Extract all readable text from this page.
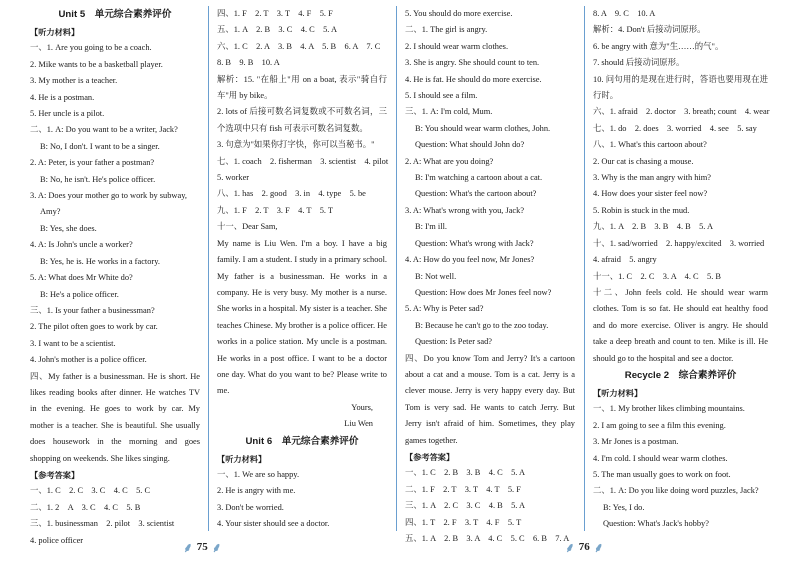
Unit 5　单元综合素养评价
【听力材料】
一、1. Are you going to be a coach.
2. Mike wants to be a basketball player.
3. My mother is a teacher.
4. He is a postman.
5. Her uncle is a pilot.
二、1. A: Do you want to be a writer, Jack?
B: No, I don't. I want to be a singer.
2. A: Peter, is your father a postman?
B: No, he isn't. He's police officer.
3. A: Does your mother go to work by subway,
Amy?
B: Yes, she does.
4. A: Is John's uncle a worker?
B: Yes, he is. He works in a factory.
5. A: What does Mr White do?
B: He's a police officer.
三、1. Is your father a businessman?
2. The pilot often goes to work by car.
3. I want to be a scientist.
4. John's mother is a police officer.
四、My father is a businessman. He is short. He likes reading books after dinner. He watches TV in the evening. He goes to work by car. My mother is a teacher. She is beautiful. She usually does housework in the morning and goes shopping on weekends. She likes singing.
【参考答案】
一、1. C　2. C　3. C　4. C　5. C
二、1. 2　A　3. C　4. C　5. B
三、1. businessman　2. pilot　3. scientist
4. police officer
四、1. F　2. T　3. T　4. F　5. F
五、1. A　2. B　3. C　4. C　5. A
六、1. C　2. A　3. B　4. A　5. B　6. A　7. C
8. B　9. B　10. A
解析：15. "在船上"用 on a boat, 表示"骑自行车"用 by bike。
2. lots of 后接可数名词复数或不可数名词，三个选项中只有 fish 可表示可数名词复数。
3. 句意为"如果你打字快，你可以当秘书。"
七、1. coach　2. fisherman　3. scientist　4. pilot
5. worker
八、1. has　2. good　3. in　4. type　5. be
九、1. F　2. T　3. F　4. T　5. T
十一、Dear Sam,
My name is Liu Wen. I'm a boy. I have a big family. I am a student. I study in a primary school. My father is a businessman. He works in a company. He is very busy. My mother is a nurse. She works in a hospital. My sister is a teacher. She teaches Chinese. My brother is a police officer. He works in a police station. My uncle is a postman. He works in a post office. I want to be a doctor one day. What do you want to be? Please write to me.
Yours,
Liu Wen
Unit 6　单元综合素养评价
【听力材料】
一、1. We are so happy.
2. He is angry with me.
3. Don't be worried.
4. Your sister should see a doctor.
5. You should do more exercise.
二、1. The girl is angry.
2. I should wear warm clothes.
3. She is angry. She should count to ten.
4. He is fat. He should do more exercise.
5. I should see a film.
三、1. A: I'm cold, Mum.
B: You should wear warm clothes, John.
Question: What should John do?
2. A: What are you doing?
B: I'm watching a cartoon about a cat.
Question: What's the cartoon about?
3. A: What's wrong with you, Jack?
B: I'm ill.
Question: What's wrong with Jack?
4. A: How do you feel now, Mr Jones?
B: Not well.
Question: How does Mr Jones feel now?
5. A: Why is Peter sad?
B: Because he can't go to the zoo today.
Question: Is Peter sad?
四、Do you know Tom and Jerry? It's a cartoon about a cat and a mouse. Tom is a cat. Jerry is a clever mouse. Jerry is very happy every day. But Tom is very sad. He wants to catch Jerry. But Jerry isn't afraid of him. Sometimes, they play games together.
【参考答案】
一、1. C　2. B　3. B　4. C　5. A
二、1. F　2. T　3. T　4. T　5. F
三、1. A　2. C　3. C　4. B　5. A
四、1. T　2. F　3. T　4. F　5. T
五、1. A　2. B　3. A　4. C　5. C　6. B　7. A
8. A　9. C　10. A
解析：4. Don't 后接动词原形。
6. be angry with 意为"生……的气"。
7. should 后接动词原形。
10. 问句用的是现在进行时，答语也要用现在进行时。
六、1. afraid　2. doctor　3. breath; count　4. wear
七、1. do　2. does　3. worried　4. see　5. say
八、1. What's this cartoon about?
2. Our cat is chasing a mouse.
3. Why is the man angry with him?
4. How does your sister feel now?
5. Robin is stuck in the mud.
九、1. A　2. B　3. B　4. B　5. A
十、1. sad/worried　2. happy/excited　3. worried
4. afraid　5. angry
十一、1. C　2. C　3. A　4. C　5. B
十二、John feels cold. He should wear warm clothes. Tom is so fat. He should eat healthy food and do more exercise. Oliver is angry. He should take a deep breath and count to ten. Mike is ill. He should go to the hospital and see a doctor.
Recycle 2　综合素养评价
【听力材料】
一、1. My brother likes climbing mountains.
2. I am going to see a film this evening.
3. Mr Jones is a postman.
4. I'm cold. I should wear warm clothes.
5. The man usually goes to work on foot.
二、1. A: Do you like doing word puzzles, Jack?
B: Yes, I do.
Question: What's Jack's hobby?
⸙ 75 ⸙	⸙ 76 ⸙
